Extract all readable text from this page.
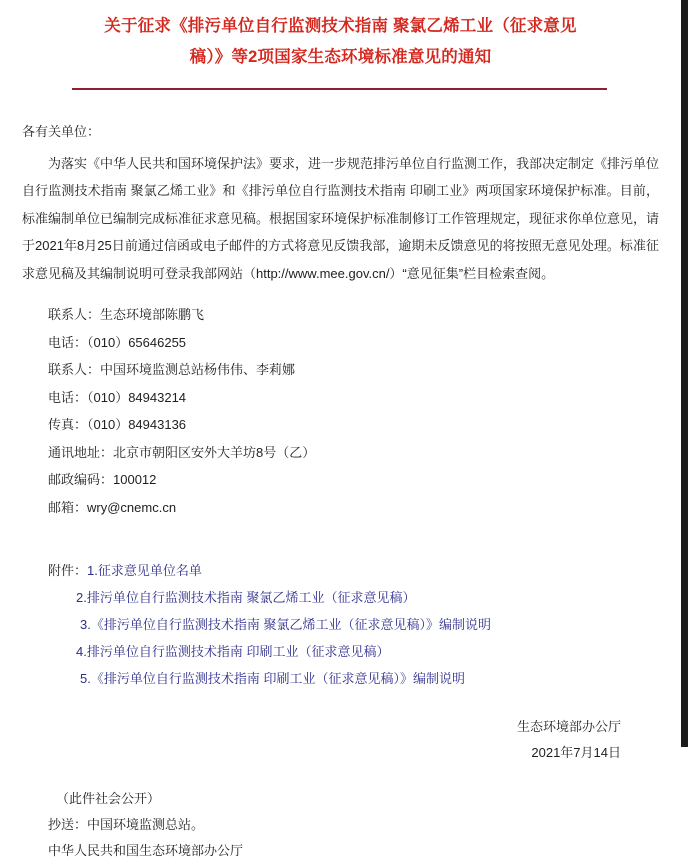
关于征求《排污单位自行监测技术指南 聚氯乙烯工业（征求意见
稿）》等2项国家生态环境标准意见的通知

各有关单位：

为落实《中华人民共和国环境保护法》要求，进一步规范排污单位自行监测工作，我部决定制定《排污单位自行监测技术指南 聚氯乙烯工业》和《排污单位自行监测技术指南 印刷工业》两项国家环境保护标准。目前，标准编制单位已编制完成标准征求意见稿。根据国家环境保护标准制修订工作管理规定，现征求你单位意见，请于2021年8月25日前通过信函或电子邮件的方式将意见反馈我部，逾期未反馈意见的将按照无意见处理。标准征求意见稿及其编制说明可登录我部网站（http://www.mee.gov.cn/）“意见征集”栏目检索查阅。

联系人：生态环境部陈鹏飞
电话：（010）65646255
联系人：中国环境监测总站杨伟伟、李莉娜
电话：（010）84943214
传真：（010）84943136
通讯地址：北京市朝阳区安外大羊坊8号（乙）
邮政编码：100012
邮箱：wry@cnemc.cn
附件：1.征求意见单位名单
2.排污单位自行监测技术指南 聚氯乙烯工业（征求意见稿）
3.《排污单位自行监测技术指南 聚氯乙烯工业（征求意见稿）》编制说明
4.排污单位自行监测技术指南 印刷工业（征求意见稿）
5.《排污单位自行监测技术指南 印刷工业（征求意见稿）》编制说明
生态环境部办公厅
2021年7月14日
（此件社会公开）
抄送：中国环境监测总站。
中华人民共和国生态环境部办公厅
